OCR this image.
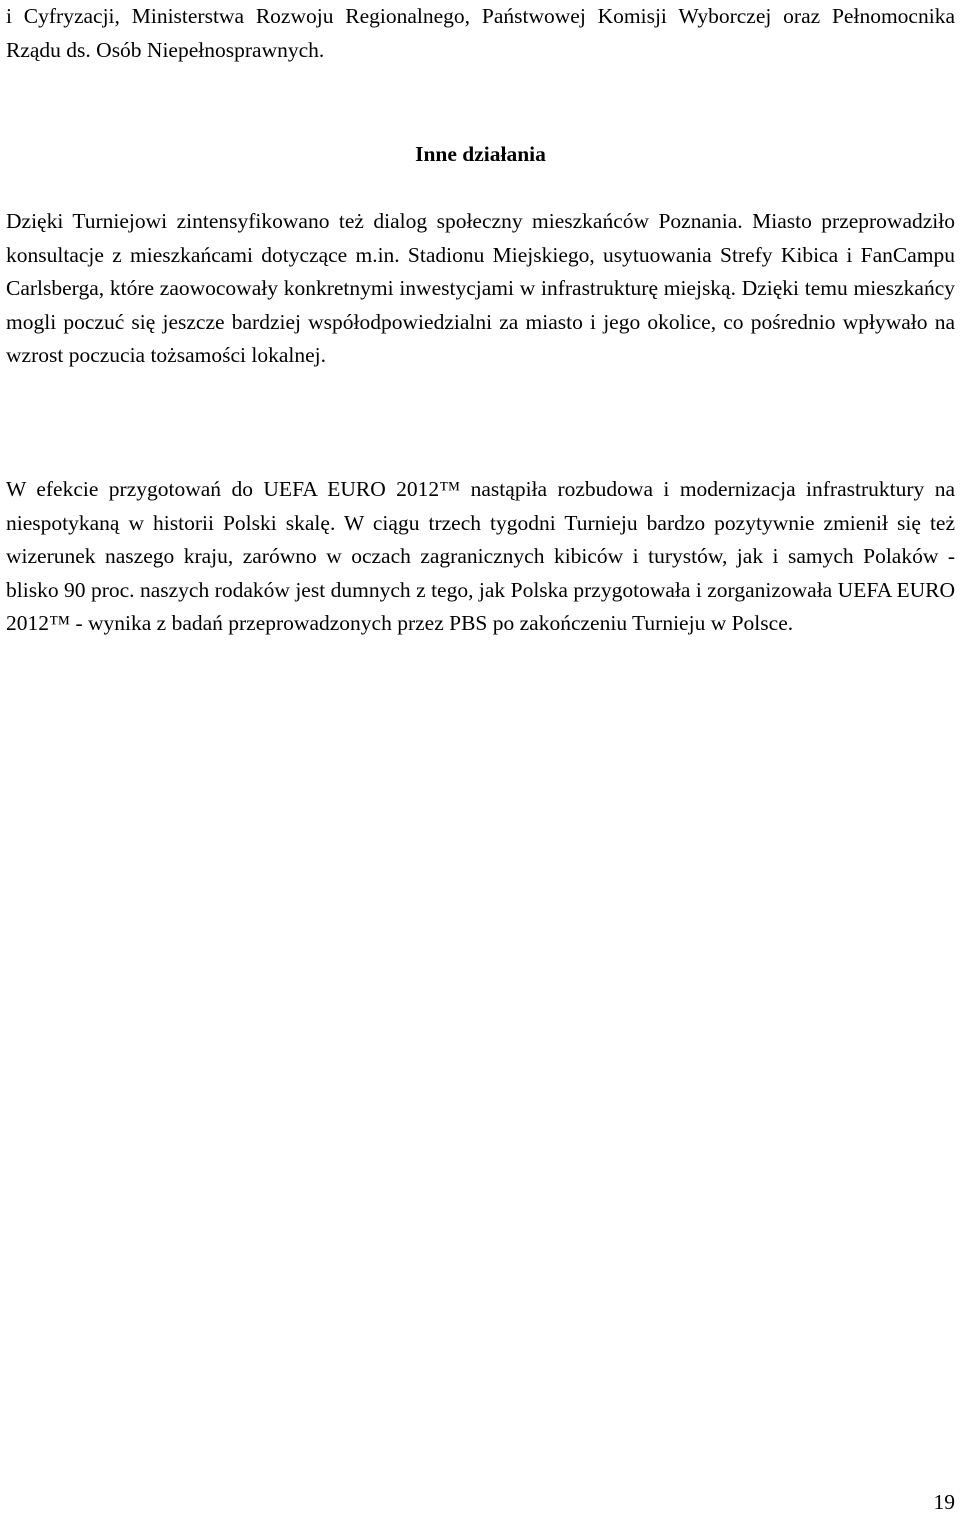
i Cyfryzacji, Ministerstwa Rozwoju Regionalnego, Państwowej Komisji Wyborczej oraz Pełnomocnika Rządu ds. Osób Niepełnosprawnych.

Inne działania

Dzięki Turniejowi zintensyfikowano też dialog społeczny mieszkańców Poznania. Miasto przeprowadziło konsultacje z mieszkańcami dotyczące m.in. Stadionu Miejskiego, usytuowania Strefy Kibica i FanCampu Carlsberga, które zaowocowały konkretnymi inwestycjami w infrastrukturę miejską. Dzięki temu mieszkańcy mogli poczuć się jeszcze bardziej współodpowiedzialni za miasto i jego okolice, co pośrednio wpływało na wzrost poczucia tożsamości lokalnej.

W efekcie przygotowań do UEFA EURO 2012™ nastąpiła rozbudowa i modernizacja infrastruktury na niespotykaną w historii Polski skalę. W ciągu trzech tygodni Turnieju bardzo pozytywnie zmienił się też wizerunek naszego kraju, zarówno w oczach zagranicznych kibiców i turystów, jak i samych Polaków - blisko 90 proc. naszych rodaków jest dumnych z tego, jak Polska przygotowała i zorganizowała UEFA EURO 2012™ - wynika z badań przeprowadzonych przez PBS po zakończeniu Turnieju w Polsce.

19
